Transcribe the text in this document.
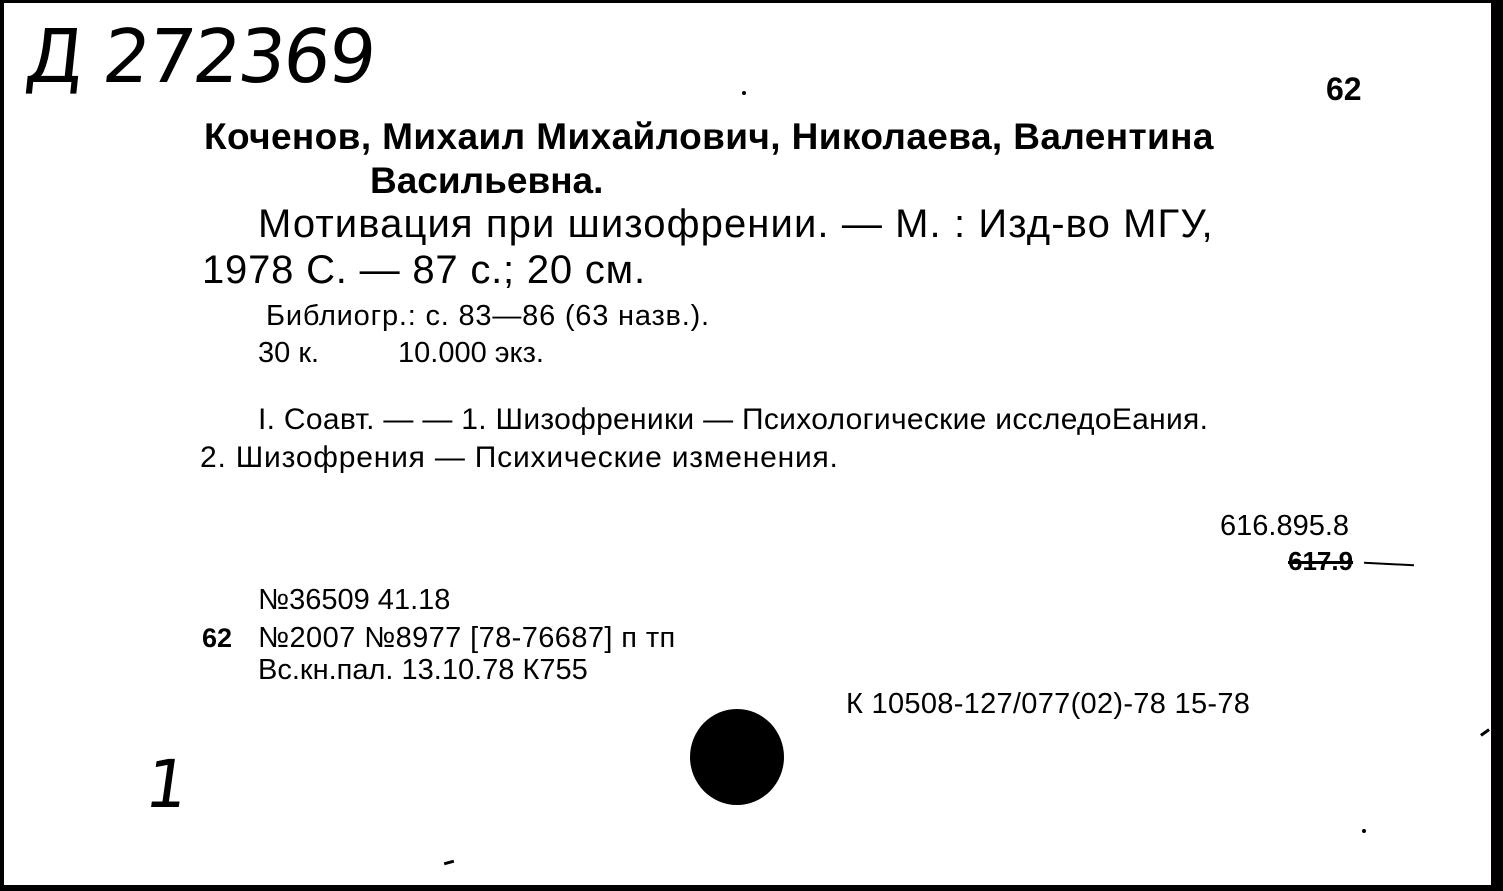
Д 272369	62
Коченов, Михаил Михайлович, Николаева, Валентина
Васильевна.
Мотивация при шизофрении. — М. : Изд-во МГУ,
1978 С. — 87 с.; 20 см.
Библиогр.: с. 83—86 (63 назв.).
30 к.	10.000 экз.
I. Соавт. — — 1. Шизофреники — Психологические исследоЕания.
2. Шизофрения — Психические изменения.
616.895.8
617.9
№36509 41.18
62 №2007 №8977 [78-76687] п тп
Вс.кн.пал. 13.10.78 К755
К 10508-127/077(02)-78 15-78
1
